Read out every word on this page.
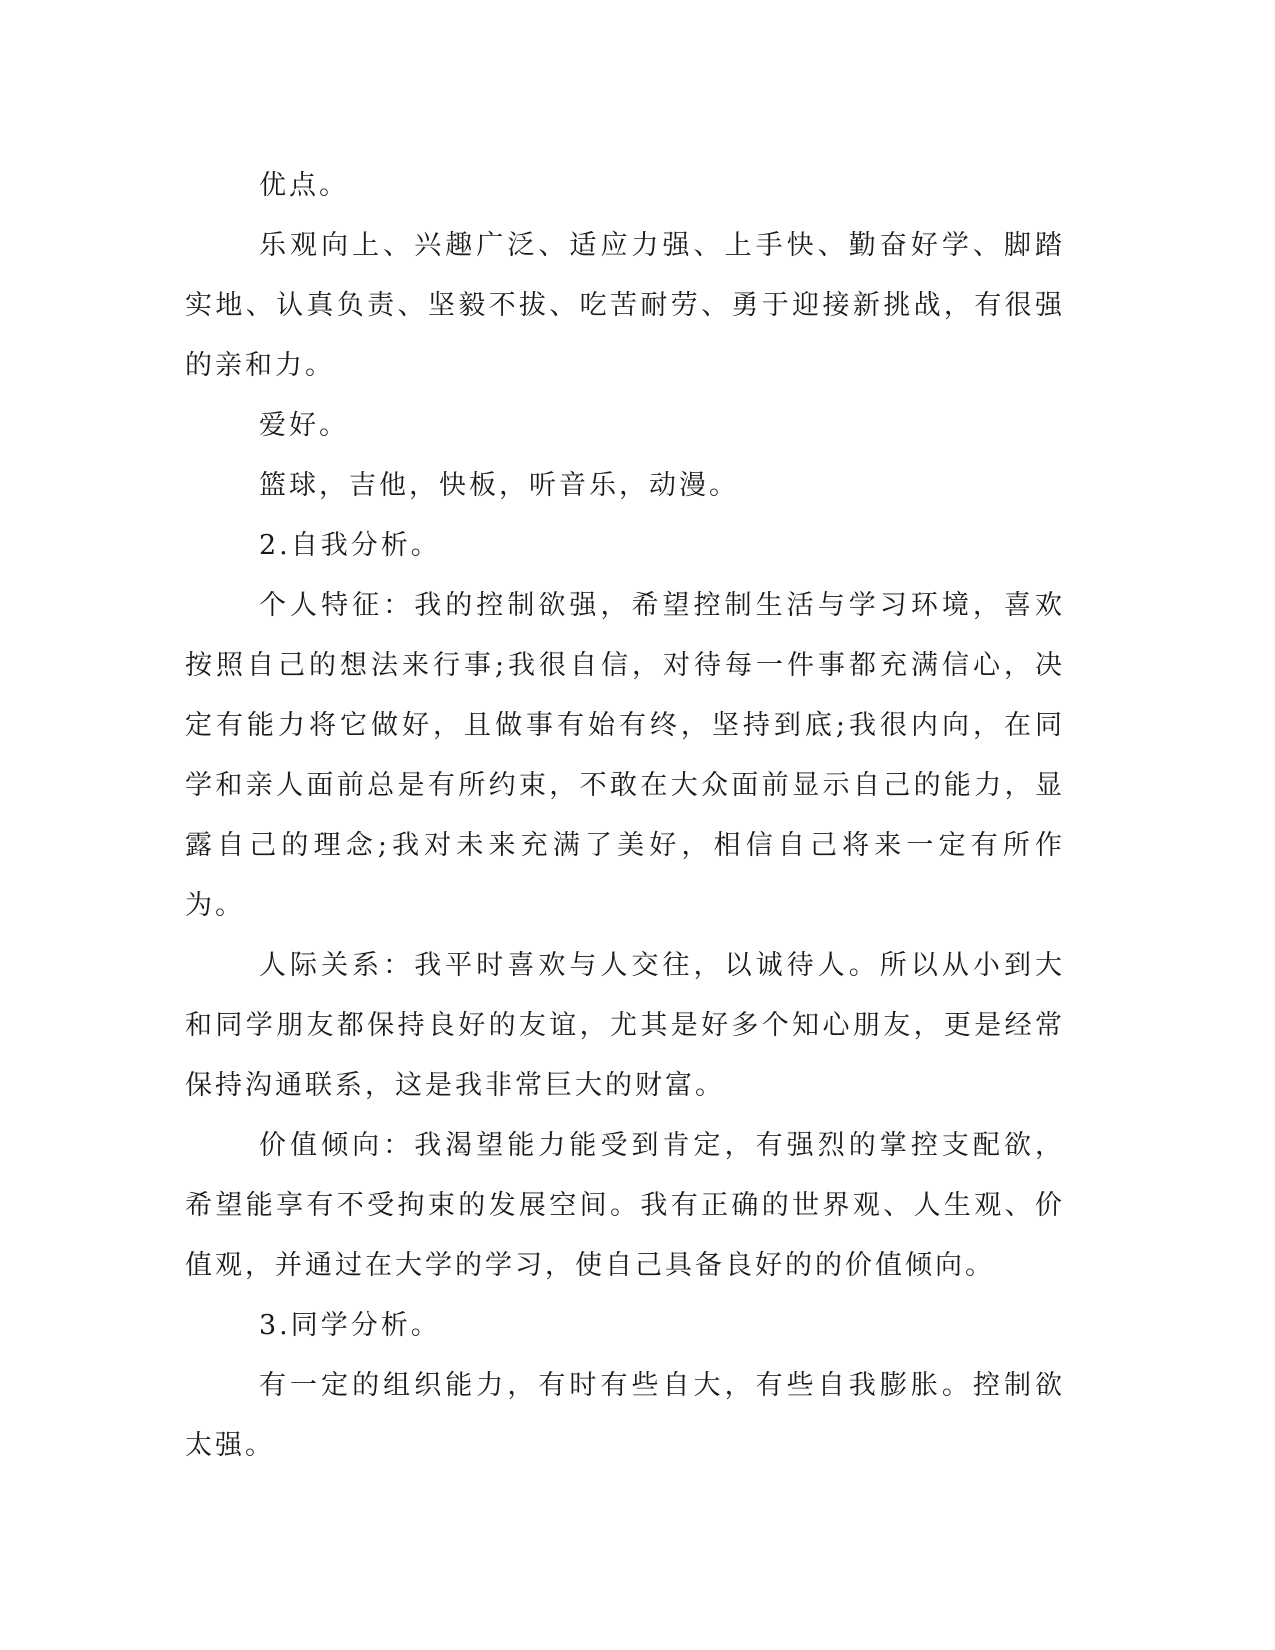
优点。

乐观向上、兴趣广泛、适应力强、上手快、勤奋好学、脚踏实地、认真负责、坚毅不拔、吃苦耐劳、勇于迎接新挑战，有很强的亲和力。

爱好。

篮球，吉他，快板，听音乐，动漫。

2.自我分析。

个人特征：我的控制欲强，希望控制生活与学习环境，喜欢按照自己的想法来行事;我很自信，对待每一件事都充满信心，决定有能力将它做好，且做事有始有终，坚持到底;我很内向，在同学和亲人面前总是有所约束，不敢在大众面前显示自己的能力，显露自己的理念;我对未来充满了美好，相信自己将来一定有所作为。

人际关系：我平时喜欢与人交往，以诚待人。所以从小到大和同学朋友都保持良好的友谊，尤其是好多个知心朋友，更是经常保持沟通联系，这是我非常巨大的财富。

价值倾向：我渴望能力能受到肯定，有强烈的掌控支配欲，希望能享有不受拘束的发展空间。我有正确的世界观、人生观、价值观，并通过在大学的学习，使自己具备良好的的价值倾向。

3.同学分析。

有一定的组织能力，有时有些自大，有些自我膨胀。控制欲太强。
